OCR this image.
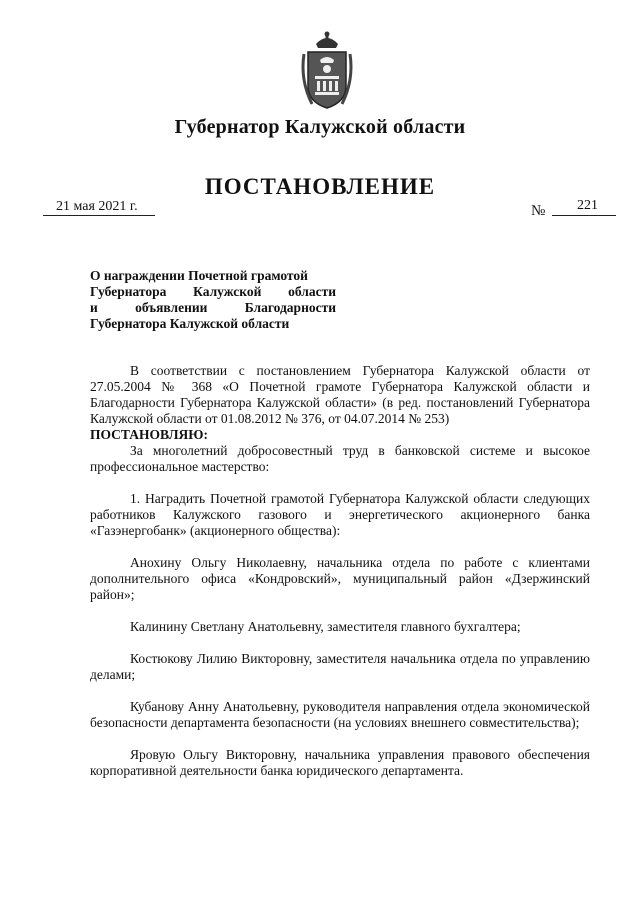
Губернатор Калужской области
ПОСТАНОВЛЕНИЕ
21 мая 2021 г.	№ 221
О награждении Почетной грамотой
Губернатора Калужской области
и объявлении Благодарности
Губернатора Калужской области

В соответствии с постановлением Губернатора Калужской области от 27.05.2004 № 368 «О Почетной грамоте Губернатора Калужской области и Благодарности Губернатора Калужской области» (в ред. постановлений Губернатора Калужской области от 01.08.2012 № 376, от 04.07.2014 № 253)

ПОСТАНОВЛЯЮ:

За многолетний добросовестный труд в банковской системе и высокое профессиональное мастерство:

1. Наградить Почетной грамотой Губернатора Калужской области следующих работников Калужского газового и энергетического акционерного банка «Газэнергобанк» (акционерного общества):

Анохину Ольгу Николаевну, начальника отдела по работе с клиентами дополнительного офиса «Кондровский», муниципальный район «Дзержинский район»;

Калинину Светлану Анатольевну, заместителя главного бухгалтера;

Костюкову Лилию Викторовну, заместителя начальника отдела по управлению делами;

Кубанову Анну Анатольевну, руководителя направления отдела экономической безопасности департамента безопасности (на условиях внешнего совместительства);

Яровую Ольгу Викторовну, начальника управления правового обеспечения корпоративной деятельности банка юридического департамента.
